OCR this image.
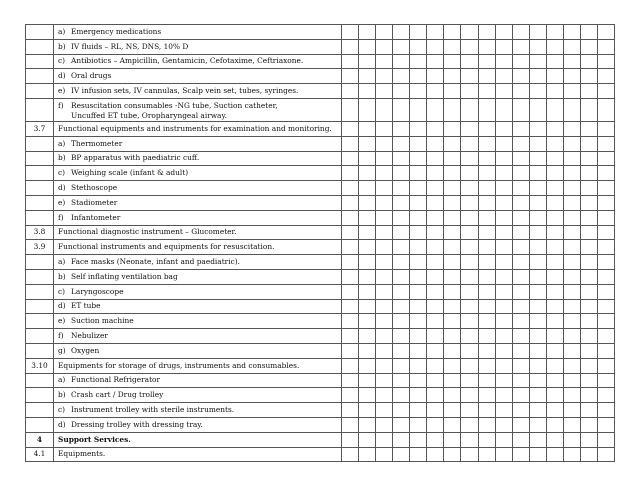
	a) Emergency medications																
	b) IV fluids – RL, NS, DNS, 10% D																
	c) Antibiotics – Ampicillin, Gentamicin, Cefotaxime, Ceftriaxone.																
	d) Oral drugs																
	e) IV infusion sets, IV cannulas, Scalp vein set, tubes, syringes.																
	f) Resuscitation consumables -NG tube, Suction catheter,
Uncuffed ET tube, Oropharyngeal airway.																
3.7	Functional equipments and instruments for examination and monitoring.																
	a) Thermometer																
	b) BP apparatus with paediatric cuff.																
	c) Weighing scale (infant & adult)																
	d) Stethoscope																
	e) Stadiometer																
	f) Infantometer																
3.8	Functional diagnostic instrument – Glucometer.																
3.9	Functional instruments and equipments for resuscitation.																
	a) Face masks (Neonate, infant and paediatric).																
	b) Self inflating ventilation bag																
	c) Laryngoscope																
	d) ET tube																
	e) Suction machine																
	f) Nebulizer																
	g) Oxygen																
3.10	Equipments for storage of drugs, instruments and consumables.																
	a) Functional Refrigerator																
	b) Crash cart / Drug trolley																
	c) Instrument trolley with sterile instruments.																
	d) Dressing trolley with dressing tray.																
4	Support Services.																
4.1	Equipments.																
